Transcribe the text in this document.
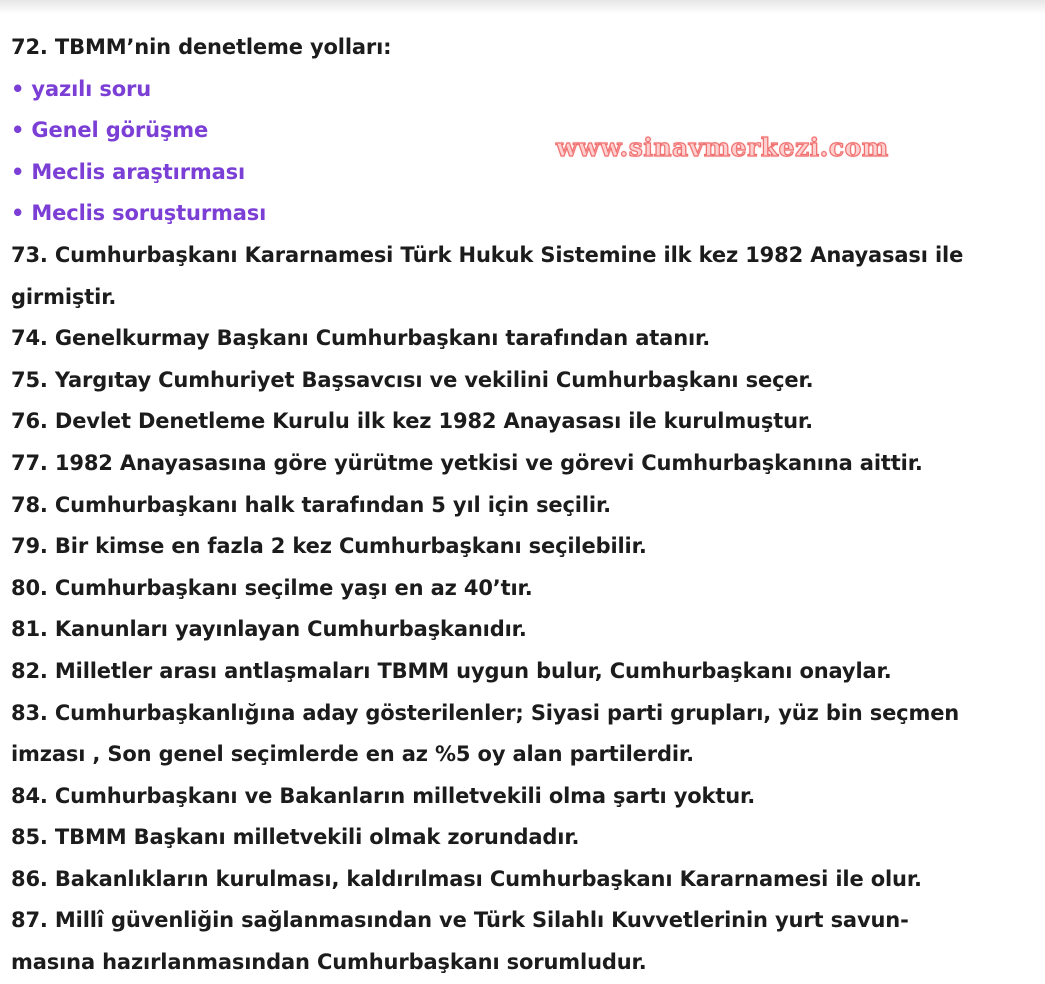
72. TBMM’nin denetleme yolları:
• yazılı soru
• Genel görüşme
• Meclis araştırması
• Meclis soruşturması
73. Cumhurbaşkanı Kararnamesi Türk Hukuk Sistemine ilk kez 1982 Anayasası ile
girmiştir.
74. Genelkurmay Başkanı Cumhurbaşkanı tarafından atanır.
75. Yargıtay Cumhuriyet Başsavcısı ve vekilini Cumhurbaşkanı seçer.
76. Devlet Denetleme Kurulu ilk kez 1982 Anayasası ile kurulmuştur.
77. 1982 Anayasasına göre yürütme yetkisi ve görevi Cumhurbaşkanına aittir.
78. Cumhurbaşkanı halk tarafından 5 yıl için seçilir.
79. Bir kimse en fazla 2 kez Cumhurbaşkanı seçilebilir.
80. Cumhurbaşkanı seçilme yaşı en az 40’tır.
81. Kanunları yayınlayan Cumhurbaşkanıdır.
82. Milletler arası antlaşmaları TBMM uygun bulur, Cumhurbaşkanı onaylar.
83. Cumhurbaşkanlığına aday gösterilenler; Siyasi parti grupları, yüz bin seçmen
imzası , Son genel seçimlerde en az %5 oy alan partilerdir.
84. Cumhurbaşkanı ve Bakanların milletvekili olma şartı yoktur.
85. TBMM Başkanı milletvekili olmak zorundadır.
86. Bakanlıkların kurulması, kaldırılması Cumhurbaşkanı Kararnamesi ile olur.
87. Millî güvenliğin sağlanmasından ve Türk Silahlı Kuvvetlerinin yurt savun-
masına hazırlanmasından Cumhurbaşkanı sorumludur.
www.sinavmerkezi.com
